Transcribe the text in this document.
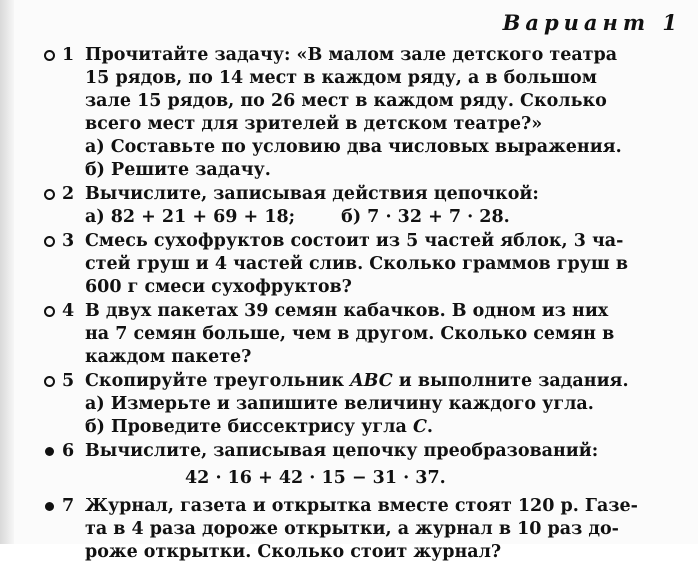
Вариант 1
1 Прочитайте задачу: «В малом зале детского театра
15 рядов, по 14 мест в каждом ряду, а в большом
зале 15 рядов, по 26 мест в каждом ряду. Сколько
всего мест для зрителей в детском театре?»
а) Составьте по условию два числовых выражения.
б) Решите задачу.
2 Вычислите, записывая действия цепочкой:
а) 82 + 21 + 69 + 18;	б) 7 · 32 + 7 · 28.
3 Смесь сухофруктов состоит из 5 частей яблок, 3 ча-
стей груш и 4 частей слив. Сколько граммов груш в
600 г смеси сухофруктов?
4 В двух пакетах 39 семян кабачков. В одном из них
на 7 семян больше, чем в другом. Сколько семян в
каждом пакете?
5 Скопируйте треугольник ABC и выполните задания.
а) Измерьте и запишите величину каждого угла.
б) Проведите биссектрису угла C.
6 Вычислите, записывая цепочку преобразований:
42 · 16 + 42 · 15 − 31 · 37.
7 Журнал, газета и открытка вместе стоят 120 р. Газе-
та в 4 раза дороже открытки, а журнал в 10 раз до-
роже открытки. Сколько стоит журнал?
